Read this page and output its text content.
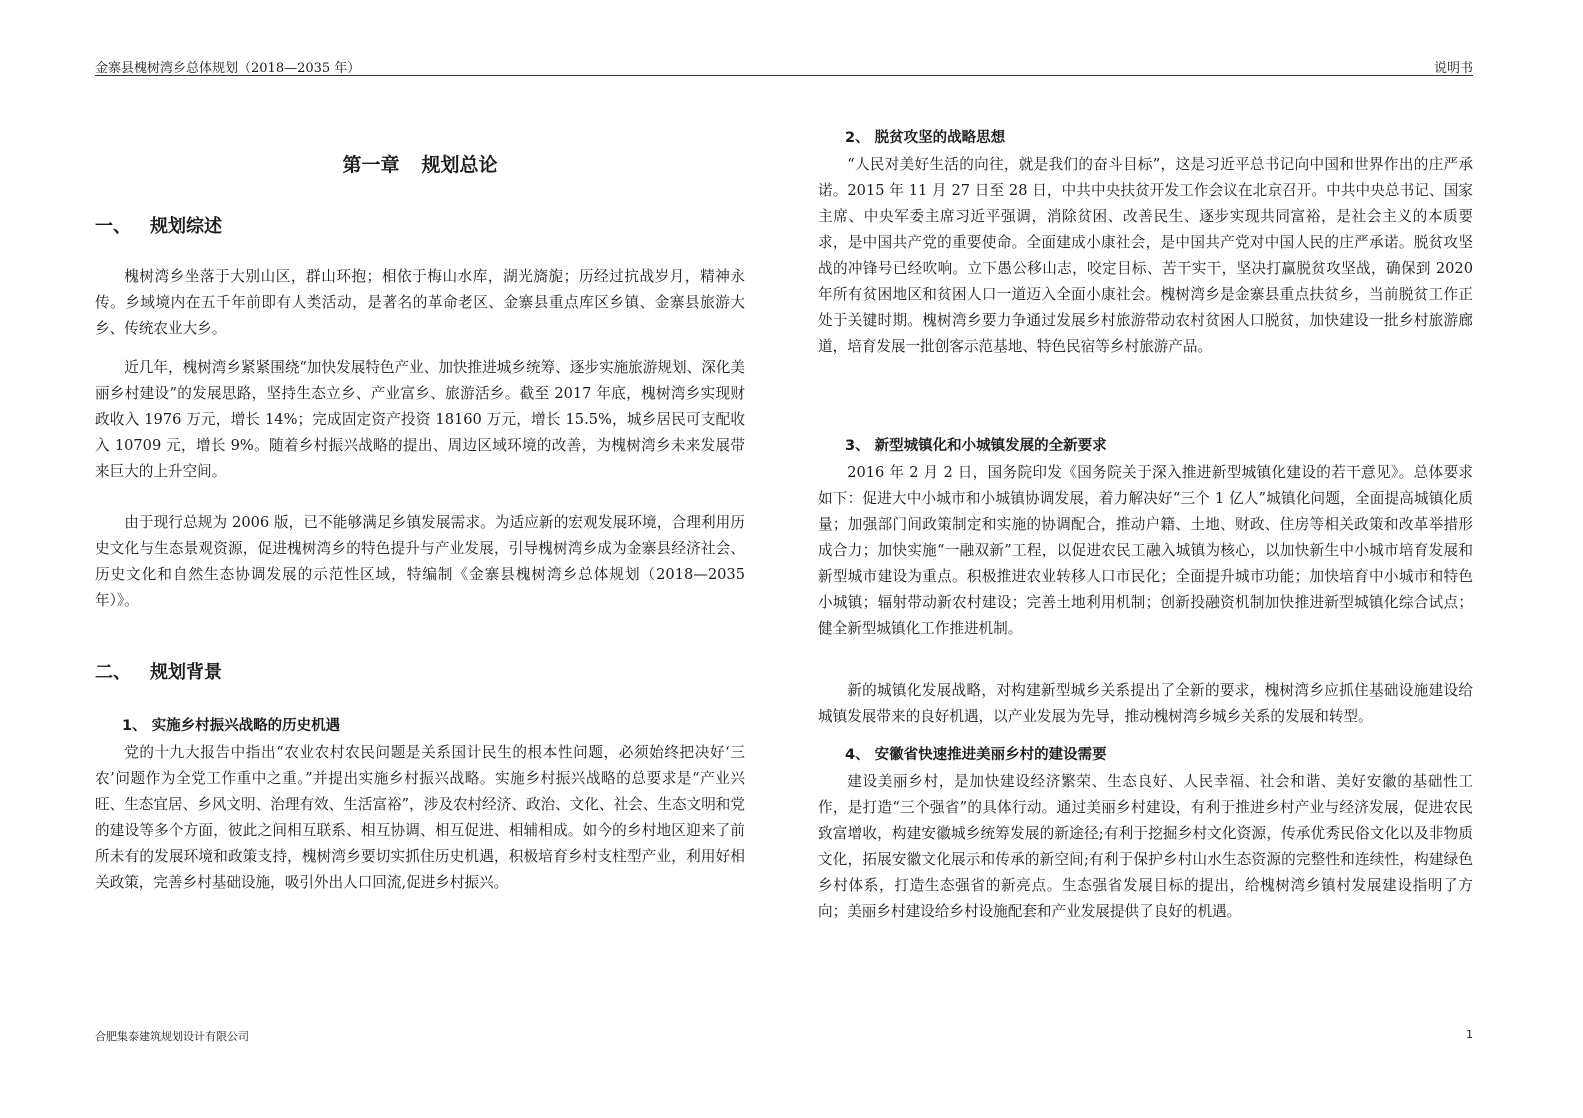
金寨县槐树湾乡总体规划（2018—2035 年）	说明书
第一章 规划总论
一、 规划综述

槐树湾乡坐落于大别山区，群山环抱；相依于梅山水库，湖光旖旎；历经过抗战岁月，精神永传。乡域境内在五千年前即有人类活动，是著名的革命老区、金寨县重点库区乡镇、金寨县旅游大乡、传统农业大乡。

近几年，槐树湾乡紧紧围绕“加快发展特色产业、加快推进城乡统筹、逐步实施旅游规划、深化美丽乡村建设”的发展思路，坚持生态立乡、产业富乡、旅游活乡。截至 2017 年底，槐树湾乡实现财政收入 1976 万元，增长 14%；完成固定资产投资 18160 万元，增长 15.5%，城乡居民可支配收入 10709 元，增长 9%。随着乡村振兴战略的提出、周边区域环境的改善，为槐树湾乡未来发展带来巨大的上升空间。

由于现行总规为 2006 版，已不能够满足乡镇发展需求。为适应新的宏观发展环境，合理利用历史文化与生态景观资源，促进槐树湾乡的特色提升与产业发展，引导槐树湾乡成为金寨县经济社会、历史文化和自然生态协调发展的示范性区域，特编制《金寨县槐树湾乡总体规划（2018—2035 年）》。

二、 规划背景
1、 实施乡村振兴战略的历史机遇

党的十九大报告中指出“农业农村农民问题是关系国计民生的根本性问题，必须始终把决好‘三农’问题作为全党工作重中之重。”并提出实施乡村振兴战略。实施乡村振兴战略的总要求是“产业兴旺、生态宜居、乡风文明、治理有效、生活富裕”，涉及农村经济、政治、文化、社会、生态文明和党的建设等多个方面，彼此之间相互联系、相互协调、相互促进、相辅相成。如今的乡村地区迎来了前所未有的发展环境和政策支持，槐树湾乡要切实抓住历史机遇，积极培育乡村支柱型产业，利用好相关政策，完善乡村基础设施，吸引外出人口回流,促进乡村振兴。

2、 脱贫攻坚的战略思想

“人民对美好生活的向往，就是我们的奋斗目标”，这是习近平总书记向中国和世界作出的庄严承诺。2015 年 11 月 27 日至 28 日，中共中央扶贫开发工作会议在北京召开。中共中央总书记、国家主席、中央军委主席习近平强调，消除贫困、改善民生、逐步实现共同富裕，是社会主义的本质要求，是中国共产党的重要使命。全面建成小康社会，是中国共产党对中国人民的庄严承诺。脱贫攻坚战的冲锋号已经吹响。立下愚公移山志，咬定目标、苦干实干，坚决打赢脱贫攻坚战，确保到 2020 年所有贫困地区和贫困人口一道迈入全面小康社会。槐树湾乡是金寨县重点扶贫乡，当前脱贫工作正处于关键时期。槐树湾乡要力争通过发展乡村旅游带动农村贫困人口脱贫，加快建设一批乡村旅游廊道，培育发展一批创客示范基地、特色民宿等乡村旅游产品。

3、 新型城镇化和小城镇发展的全新要求

2016 年 2 月 2 日，国务院印发《国务院关于深入推进新型城镇化建设的若干意见》。总体要求如下：促进大中小城市和小城镇协调发展，着力解决好“三个 1 亿人”城镇化问题，全面提高城镇化质量；加强部门间政策制定和实施的协调配合，推动户籍、土地、财政、住房等相关政策和改革举措形成合力；加快实施“一融双新”工程，以促进农民工融入城镇为核心，以加快新生中小城市培育发展和新型城市建设为重点。积极推进农业转移人口市民化；全面提升城市功能；加快培育中小城市和特色小城镇；辐射带动新农村建设；完善土地利用机制；创新投融资机制加快推进新型城镇化综合试点；健全新型城镇化工作推进机制。

新的城镇化发展战略，对构建新型城乡关系提出了全新的要求，槐树湾乡应抓住基础设施建设给城镇发展带来的良好机遇，以产业发展为先导，推动槐树湾乡城乡关系的发展和转型。

4、 安徽省快速推进美丽乡村的建设需要

建设美丽乡村，是加快建设经济繁荣、生态良好、人民幸福、社会和谐、美好安徽的基础性工作，是打造“三个强省”的具体行动。通过美丽乡村建设，有利于推进乡村产业与经济发展，促进农民致富增收，构建安徽城乡统筹发展的新途径;有利于挖掘乡村文化资源，传承优秀民俗文化以及非物质文化，拓展安徽文化展示和传承的新空间;有利于保护乡村山水生态资源的完整性和连续性，构建绿色乡村体系，打造生态强省的新亮点。生态强省发展目标的提出，给槐树湾乡镇村发展建设指明了方向；美丽乡村建设给乡村设施配套和产业发展提供了良好的机遇。

合肥集泰建筑规划设计有限公司	1
